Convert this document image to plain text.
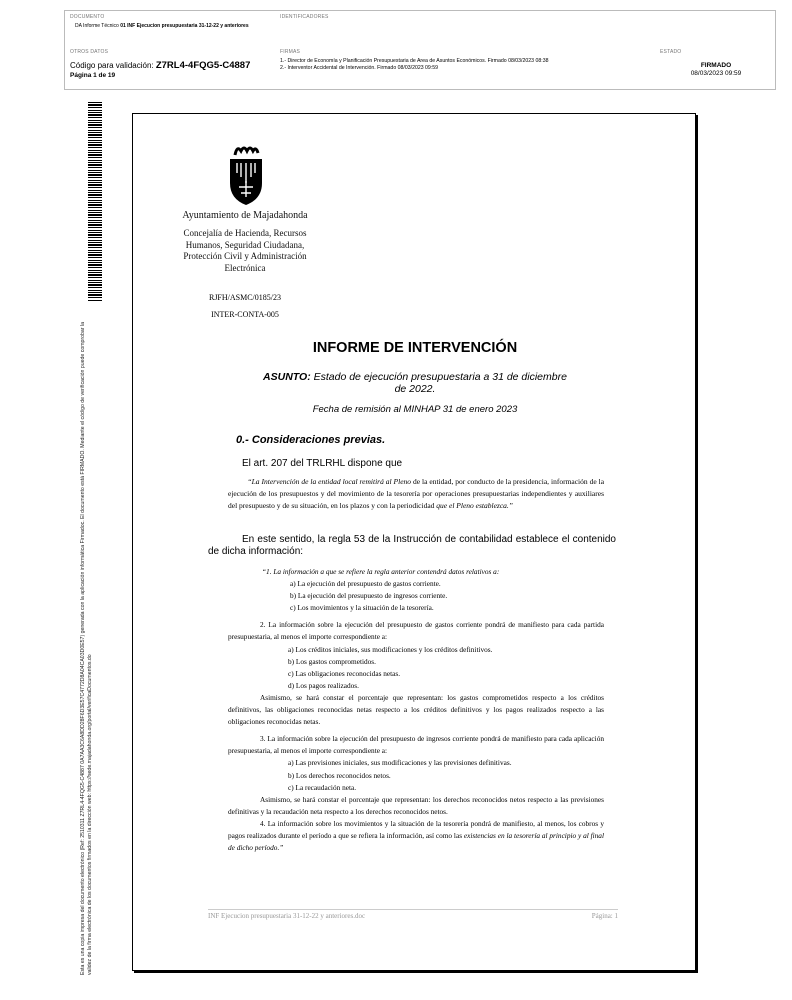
DOCUMENTO
DA Informe Técnico 01 INF Ejecucion presupuestaria 31-12-22 y anteriores
IDENTIFICADORES
OTROS DATOS
Código para validación: Z7RL4-4FQG5-C4887
Página 1 de 19
FIRMAS
1.- Director de Economía y Planificación Presupuestaria de Area de Asuntos Económicos. Firmado 08/03/2023 08:38
2.- Interventor Accidental de Intervención. Firmado 08/03/2023 09:59
ESTADO
FIRMADO
08/03/2023 09:59
Esta es una copia impresa del documento electrónico (Ref: 2510311 Z7RL4-4FQG5-C4887 0A7AA3C6A8DD28F6D3E57C4772D8A04CA03D0E57) generada con la aplicación informática Firmadoc. El documento está FIRMADO. Mediante el código de verificación puede comprobar la validez de la firma electrónica de los documentos firmados en la dirección web: https://sede.majadahonda.org/portal/verificaDocumentos.do
Ayuntamiento de Majadahonda
Concejalía de Hacienda, Recursos Humanos, Seguridad Ciudadana, Protección Civil y Administración Electrónica
RJFH/ASMC/0185/23
INTER-CONTA-005
INFORME DE INTERVENCIÓN
ASUNTO: Estado de ejecución presupuestaria a 31 de diciembre de 2022.
Fecha de remisión al MINHAP 31 de enero 2023
0.- Consideraciones previas.
El art. 207 del TRLRHL dispone que
“La Intervención de la entidad local remitirá al Pleno de la entidad, por conducto de la presidencia, información de la ejecución de los presupuestos y del movimiento de la tesorería por operaciones presupuestarias independientes y auxiliares del presupuesto y de su situación, en los plazos y con la periodicidad que el Pleno establezca.”
En este sentido, la regla 53 de la Instrucción de contabilidad establece el contenido de dicha información:

“1. La información a que se refiere la regla anterior contendrá datos relativos a:

a) La ejecución del presupuesto de gastos corriente.

b) La ejecución del presupuesto de ingresos corriente.

c) Los movimientos y la situación de la tesorería.

2. La información sobre la ejecución del presupuesto de gastos corriente pondrá de manifiesto para cada partida presupuestaria, al menos el importe correspondiente a:

a) Los créditos iniciales, sus modificaciones y los créditos definitivos.

b) Los gastos comprometidos.

c) Las obligaciones reconocidas netas.

d) Los pagos realizados.

Asimismo, se hará constar el porcentaje que representan: los gastos comprometidos respecto a los créditos definitivos, las obligaciones reconocidas netas respecto a los créditos definitivos y los pagos realizados respecto a las obligaciones reconocidas netas.

3. La información sobre la ejecución del presupuesto de ingresos corriente pondrá de manifiesto para cada aplicación presupuestaria, al menos el importe correspondiente a:

a) Las previsiones iniciales, sus modificaciones y las previsiones definitivas.

b) Los derechos reconocidos netos.

c) La recaudación neta.

Asimismo, se hará constar el porcentaje que representan: los derechos reconocidos netos respecto a las previsiones definitivas y la recaudación neta respecto a los derechos reconocidos netos.

4. La información sobre los movimientos y la situación de la tesorería pondrá de manifiesto, al menos, los cobros y pagos realizados durante el período a que se refiera la información, así como las existencias en la tesorería al principio y al final de dicho período.”

INF Ejecucion presupuestaria 31-12-22 y anteriores.doc	Página: 1
